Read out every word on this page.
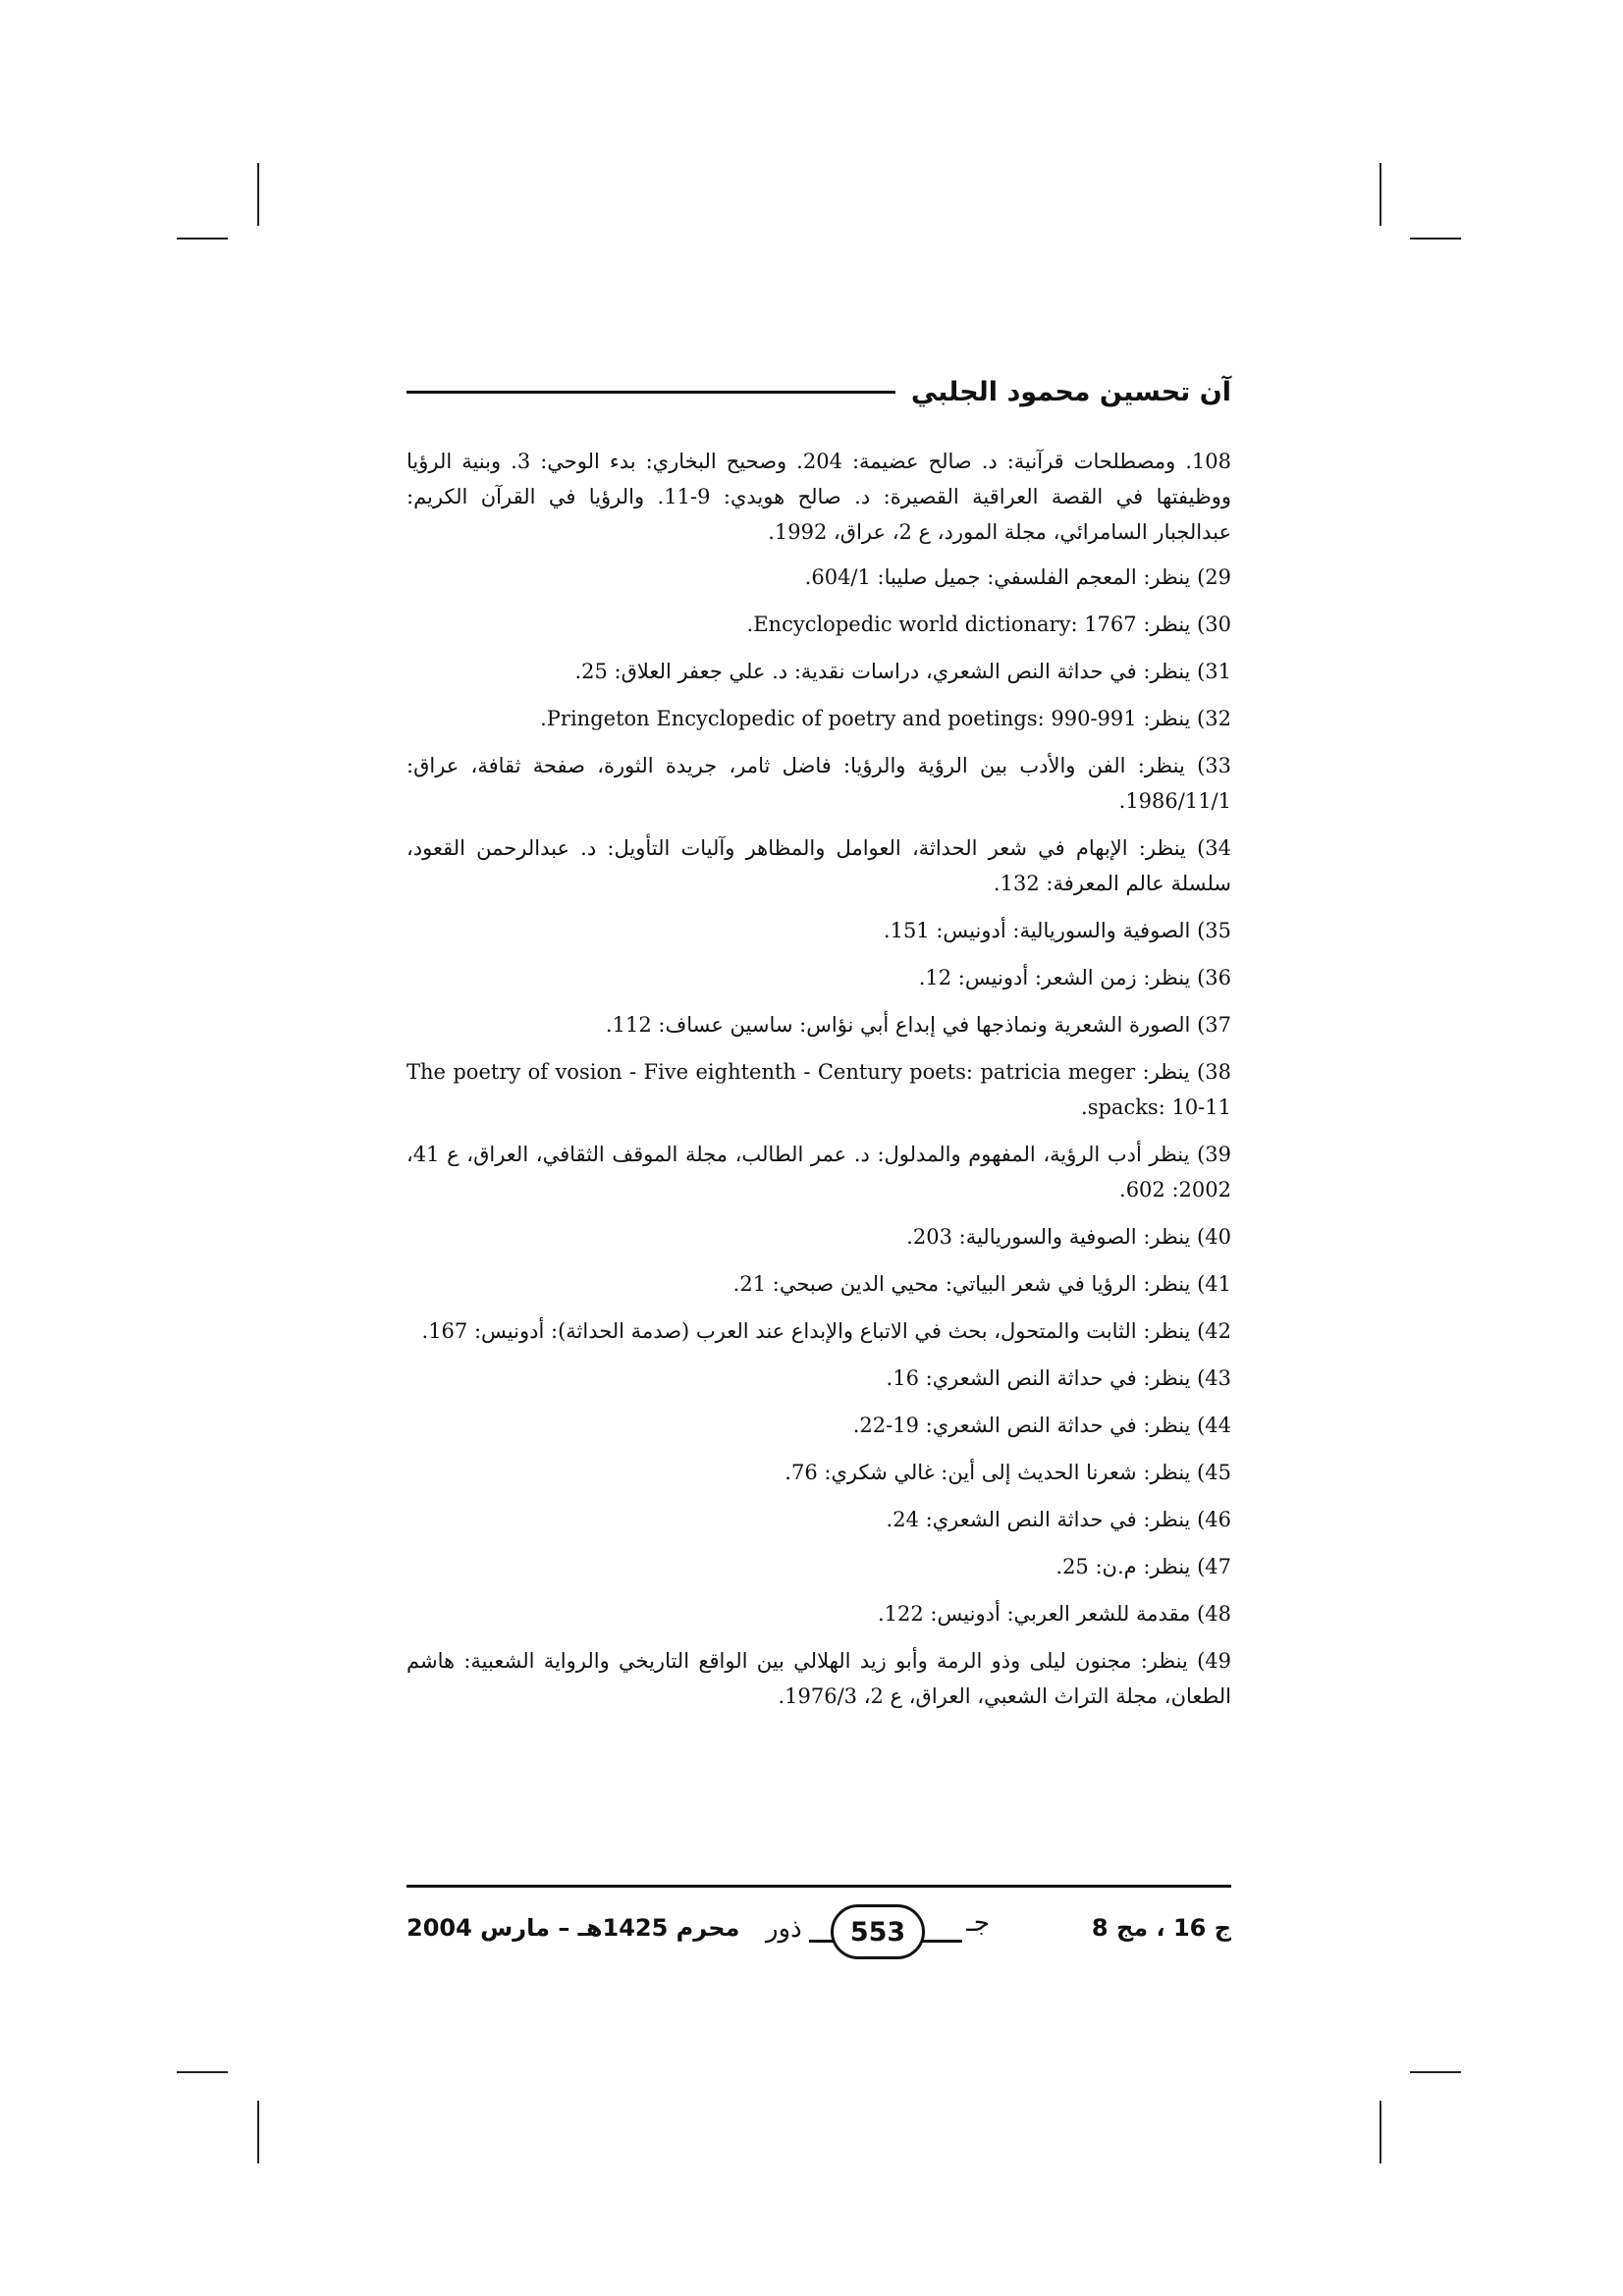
آن تحسين محمود الجلبي

108. ومصطلحات قرآنية: د. صالح عضيمة: 204. وصحيح البخاري: بدء الوحي: 3. وبنية الرؤيا ووظيفتها في القصة العراقية القصيرة: د. صالح هويدي: 9-11. والرؤيا في القرآن الكريم: عبدالجبار السامرائي، مجلة المورد، ع 2، عراق، 1992.

29) ينظر: المعجم الفلسفي: جميل صليبا: 604/1.

30) ينظر: Encyclopedic world dictionary: 1767.

31) ينظر: في حداثة النص الشعري، دراسات نقدية: د. علي جعفر العلاق: 25.

32) ينظر: Pringeton Encyclopedic of poetry and poetings: 990-991.

33) ينظر: الفن والأدب بين الرؤية والرؤيا: فاضل ثامر، جريدة الثورة، صفحة ثقافة، عراق: 1986/11/1.

34) ينظر: الإبهام في شعر الحداثة، العوامل والمظاهر وآليات التأويل: د. عبدالرحمن القعود، سلسلة عالم المعرفة: 132.

35) الصوفية والسوريالية: أدونيس: 151.

36) ينظر: زمن الشعر: أدونيس: 12.

37) الصورة الشعرية ونماذجها في إبداع أبي نؤاس: ساسين عساف: 112.

38) ينظر: The poetry of vosion - Five eightenth - Century poets: patricia meger spacks: 10-11.

39) ينظر أدب الرؤية، المفهوم والمدلول: د. عمر الطالب، مجلة الموقف الثقافي، العراق، ع 41، 2002: 602.

40) ينظر: الصوفية والسوريالية: 203.

41) ينظر: الرؤيا في شعر البياتي: محيي الدين صبحي: 21.

42) ينظر: الثابت والمتحول، بحث في الاتباع والإبداع عند العرب (صدمة الحداثة): أدونيس: 167.

43) ينظر: في حداثة النص الشعري: 16.

44) ينظر: في حداثة النص الشعري: 19-22.

45) ينظر: شعرنا الحديث إلى أين: غالي شكري: 76.

46) ينظر: في حداثة النص الشعري: 24.

47) ينظر: م.ن: 25.

48) مقدمة للشعر العربي: أدونيس: 122.

49) ينظر: مجنون ليلى وذو الرمة وأبو زيد الهلالي بين الواقع التاريخي والرواية الشعبية: هاشم الطعان، مجلة التراث الشعبي، العراق، ع 2، 1976/3.

ج 16 ، مج 8
جـ
553
ذور
محرم 1425هـ – مارس 2004
